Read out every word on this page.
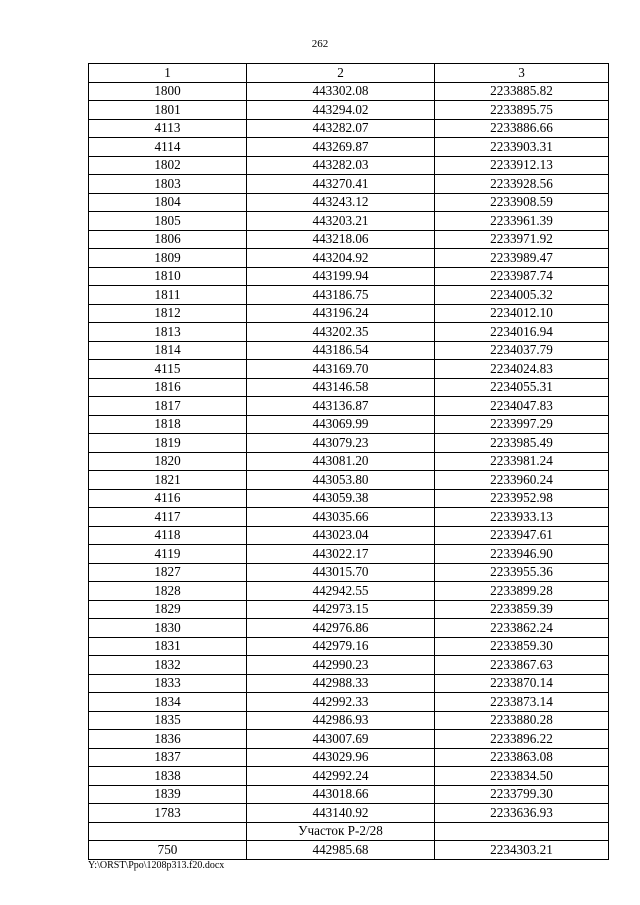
262
1	2	3
1800	443302.08	2233885.82
1801	443294.02	2233895.75
4113	443282.07	2233886.66
4114	443269.87	2233903.31
1802	443282.03	2233912.13
1803	443270.41	2233928.56
1804	443243.12	2233908.59
1805	443203.21	2233961.39
1806	443218.06	2233971.92
1809	443204.92	2233989.47
1810	443199.94	2233987.74
1811	443186.75	2234005.32
1812	443196.24	2234012.10
1813	443202.35	2234016.94
1814	443186.54	2234037.79
4115	443169.70	2234024.83
1816	443146.58	2234055.31
1817	443136.87	2234047.83
1818	443069.99	2233997.29
1819	443079.23	2233985.49
1820	443081.20	2233981.24
1821	443053.80	2233960.24
4116	443059.38	2233952.98
4117	443035.66	2233933.13
4118	443023.04	2233947.61
4119	443022.17	2233946.90
1827	443015.70	2233955.36
1828	442942.55	2233899.28
1829	442973.15	2233859.39
1830	442976.86	2233862.24
1831	442979.16	2233859.30
1832	442990.23	2233867.63
1833	442988.33	2233870.14
1834	442992.33	2233873.14
1835	442986.93	2233880.28
1836	443007.69	2233896.22
1837	443029.96	2233863.08
1838	442992.24	2233834.50
1839	443018.66	2233799.30
1783	443140.92	2233636.93
	Участок Р-2/28	
750	442985.68	2234303.21
Y:\ORST\Ppo\1208p313.f20.docx
